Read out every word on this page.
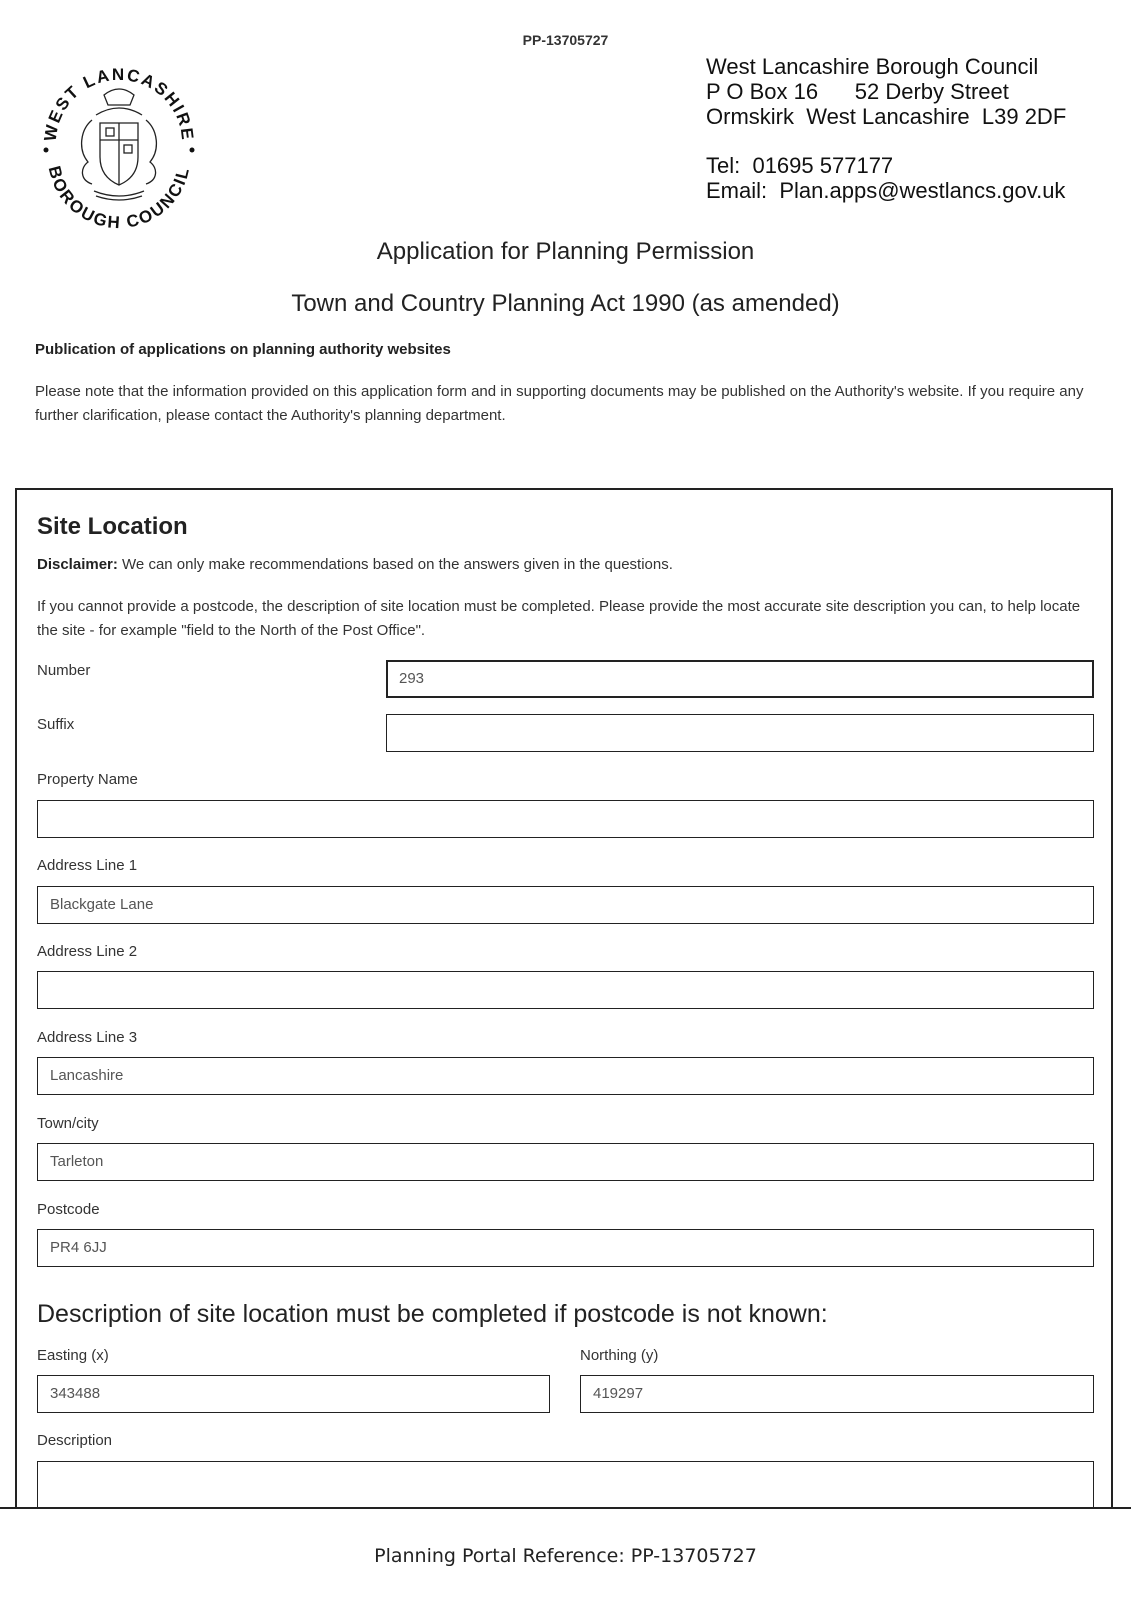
PP-13705727
WEST LANCASHIRE
BOROUGH COUNCIL
West Lancashire Borough Council
P O Box 16      52 Derby Street
Ormskirk  West Lancashire  L39 2DF
Tel:  01695 577177
Email:  Plan.apps@westlancs.gov.uk
Application for Planning Permission
Town and Country Planning Act 1990 (as amended)
Publication of applications on planning authority websites
Please note that the information provided on this application form and in supporting documents may be published on the Authority's website. If you require any further clarification, please contact the Authority's planning department.
Site Location
Disclaimer: We can only make recommendations based on the answers given in the questions.
If you cannot provide a postcode, the description of site location must be completed. Please provide the most accurate site description you can, to help locate the site - for example "field to the North of the Post Office".
Number	293
Suffix
Property Name
Address Line 1
Blackgate Lane
Address Line 2
Address Line 3
Lancashire
Town/city
Tarleton
Postcode
PR4 6JJ
Description of site location must be completed if postcode is not known:
Easting (x)
343488
Northing (y)
419297
Description
Planning Portal Reference: PP-13705727
